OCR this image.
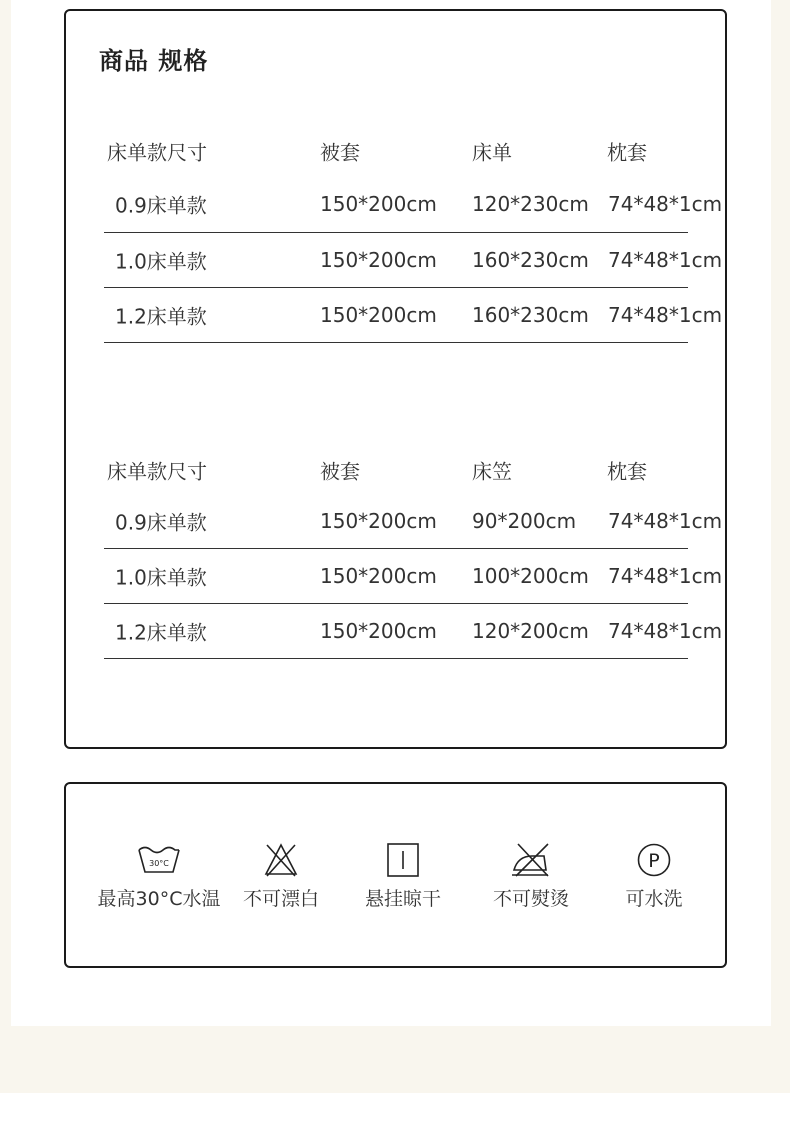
商品 规格
床单款尺寸	被套	床单	枕套
0.9床单款	150*200cm 120*230cm 74*48*1cm
1.0床单款	150*200cm 160*230cm 74*48*1cm
1.2床单款	150*200cm 160*230cm 74*48*1cm
床单款尺寸	被套	床笠	枕套
0.9床单款	150*200cm 90*200cm 74*48*1cm
1.0床单款	150*200cm 100*200cm 74*48*1cm
1.2床单款	150*200cm 120*200cm 74*48*1cm
30°C
最高30°C水温	不可漂白	悬挂晾干	不可熨烫
P
可水洗
